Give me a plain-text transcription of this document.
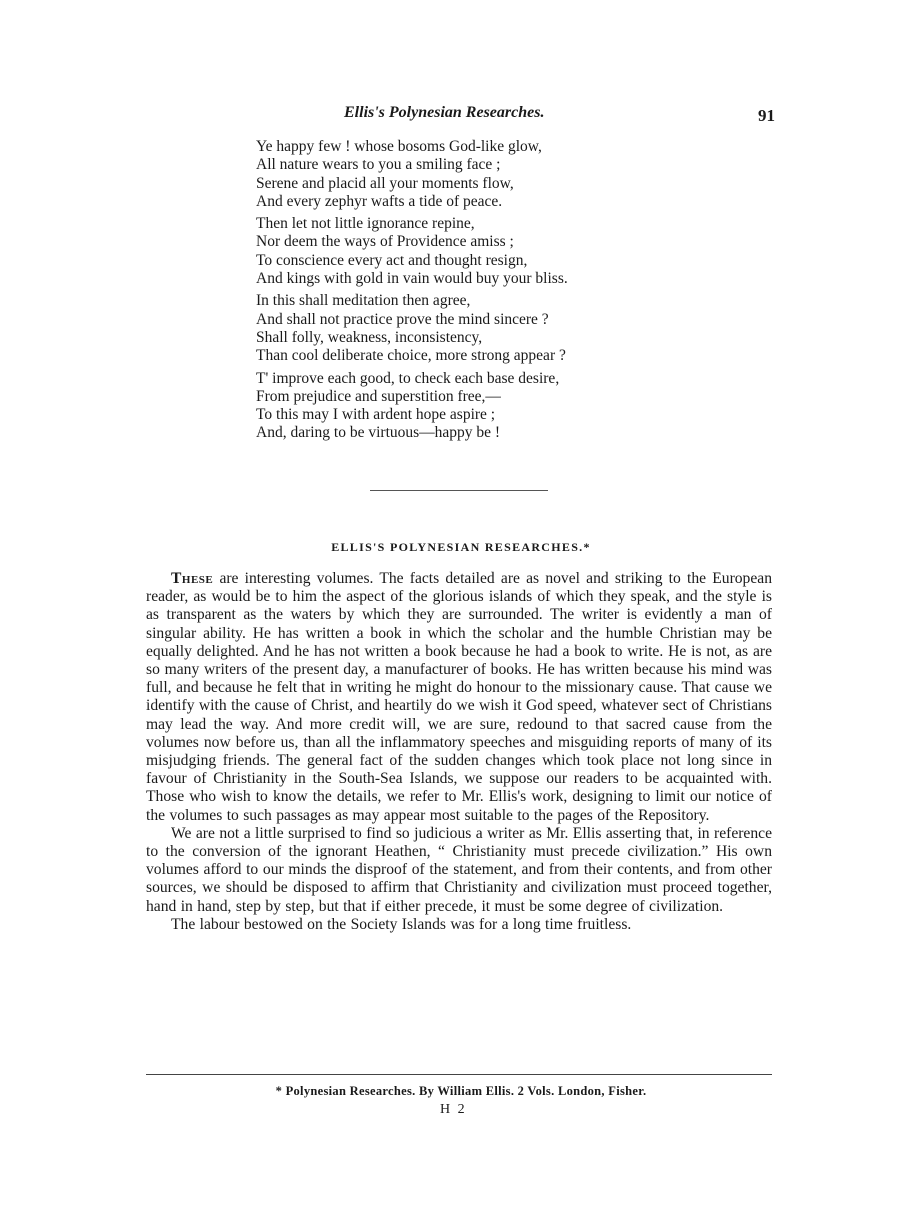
Ellis's Polynesian Researches.	91
Ye happy few ! whose bosoms God-like glow,
All nature wears to you a smiling face ;
Serene and placid all your moments flow,
And every zephyr wafts a tide of peace.
Then let not little ignorance repine,
Nor deem the ways of Providence amiss ;
To conscience every act and thought resign,
And kings with gold in vain would buy your bliss.
In this shall meditation then agree,
And shall not practice prove the mind sincere ?
Shall folly, weakness, inconsistency,
Than cool deliberate choice, more strong appear ?
T' improve each good, to check each base desire,
From prejudice and superstition free,—
To this may I with ardent hope aspire ;
And, daring to be virtuous—happy be !
ELLIS'S POLYNESIAN RESEARCHES.*

These are interesting volumes. The facts detailed are as novel and striking to the European reader, as would be to him the aspect of the glorious islands of which they speak, and the style is as transparent as the waters by which they are surrounded. The writer is evidently a man of singular ability. He has written a book in which the scholar and the humble Christian may be equally delighted. And he has not written a book because he had a book to write. He is not, as are so many writers of the present day, a manufacturer of books. He has written because his mind was full, and because he felt that in writing he might do honour to the missionary cause. That cause we identify with the cause of Christ, and heartily do we wish it God speed, whatever sect of Christians may lead the way. And more credit will, we are sure, redound to that sacred cause from the volumes now before us, than all the inflammatory speeches and misguiding reports of many of its misjudging friends. The general fact of the sudden changes which took place not long since in favour of Christianity in the South-Sea Islands, we suppose our readers to be acquainted with. Those who wish to know the details, we refer to Mr. Ellis's work, designing to limit our notice of the volumes to such passages as may appear most suitable to the pages of the Repository.

We are not a little surprised to find so judicious a writer as Mr. Ellis asserting that, in reference to the conversion of the ignorant Heathen, “ Christianity must precede civilization.” His own volumes afford to our minds the disproof of the statement, and from their contents, and from other sources, we should be disposed to affirm that Christianity and civilization must proceed together, hand in hand, step by step, but that if either precede, it must be some degree of civilization.

The labour bestowed on the Society Islands was for a long time fruitless.

* Polynesian Researches. By William Ellis. 2 Vols. London, Fisher.
H 2
